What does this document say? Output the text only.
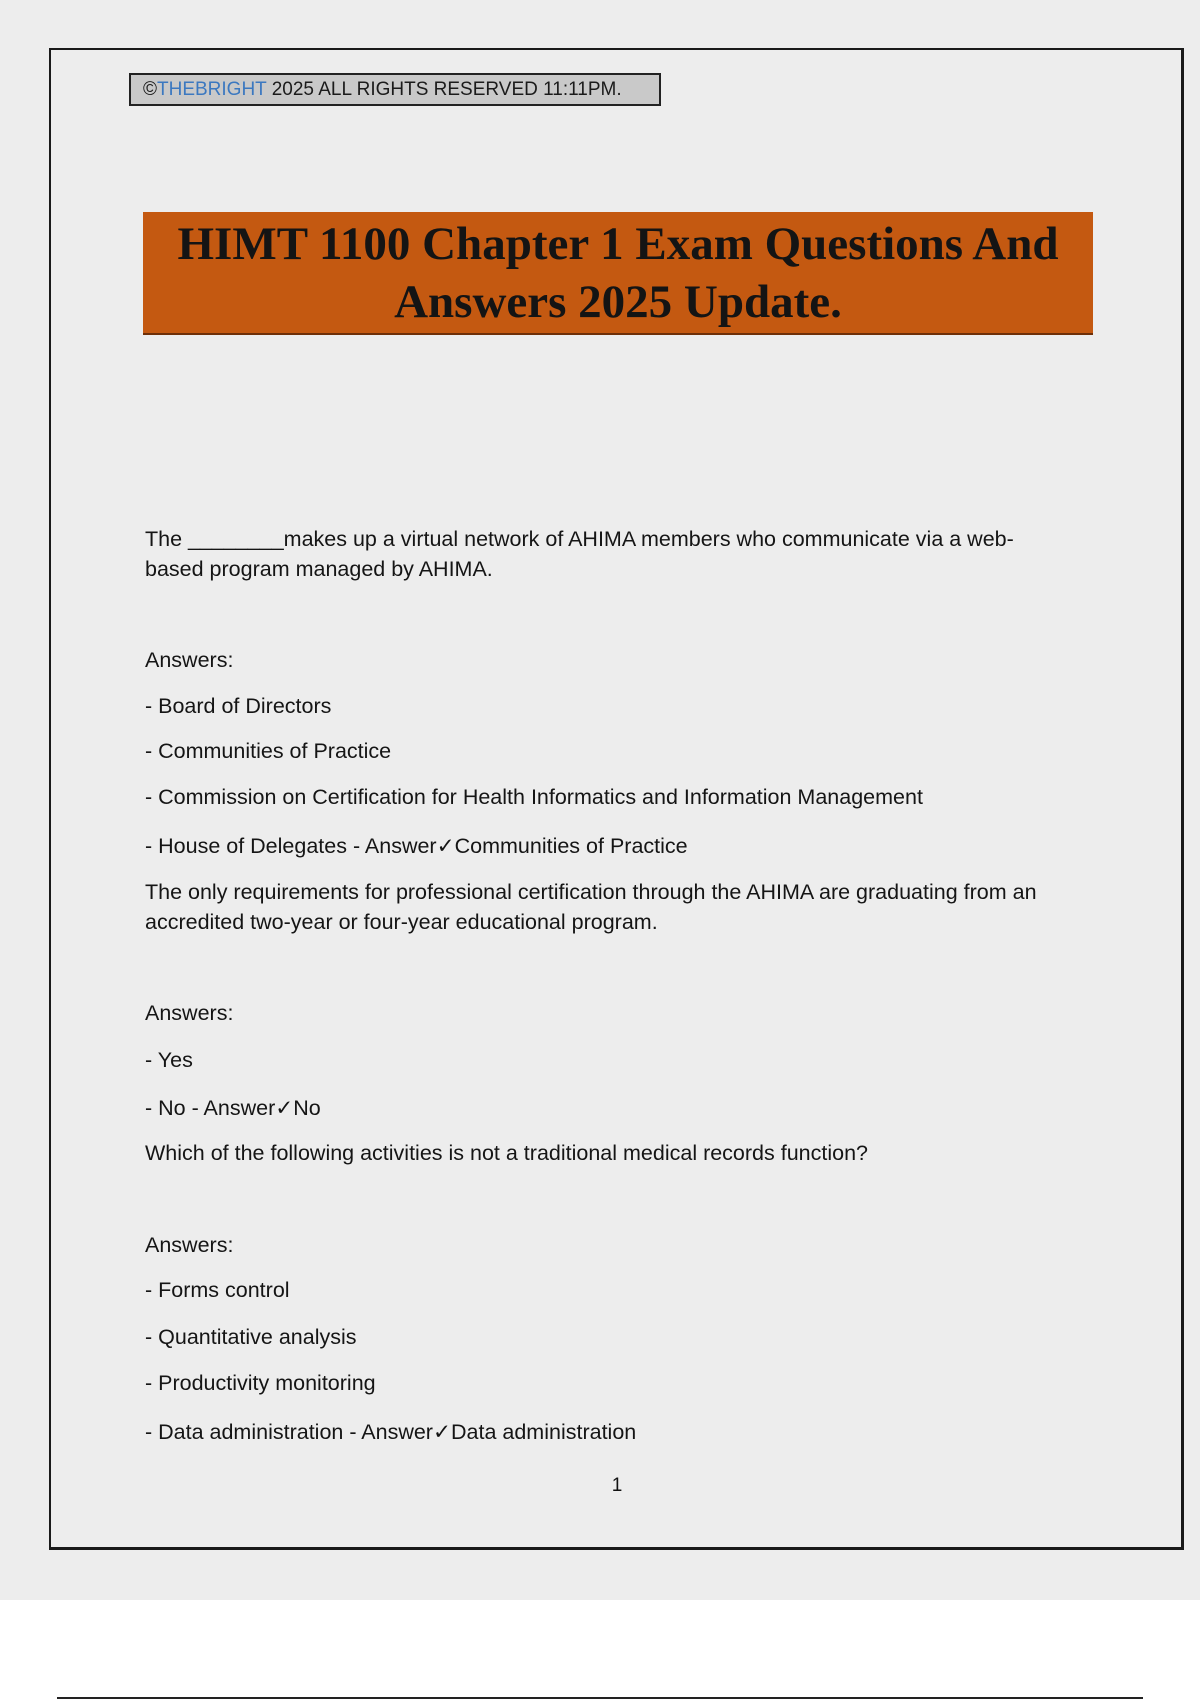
©THEBRIGHT 2025 ALL RIGHTS RESERVED 11:11PM.
HIMT 1100 Chapter 1 Exam Questions And
Answers 2025 Update.
The ________makes up a virtual network of AHIMA members who communicate via a web-
based program managed by AHIMA.
Answers:
- Board of Directors
- Communities of Practice
- Commission on Certification for Health Informatics and Information Management
- House of Delegates - Answer✓Communities of Practice
The only requirements for professional certification through the AHIMA are graduating from an
accredited two-year or four-year educational program.
Answers:
- Yes
- No - Answer✓No
Which of the following activities is not a traditional medical records function?
Answers:
- Forms control
- Quantitative analysis
- Productivity monitoring
- Data administration - Answer✓Data administration
1
